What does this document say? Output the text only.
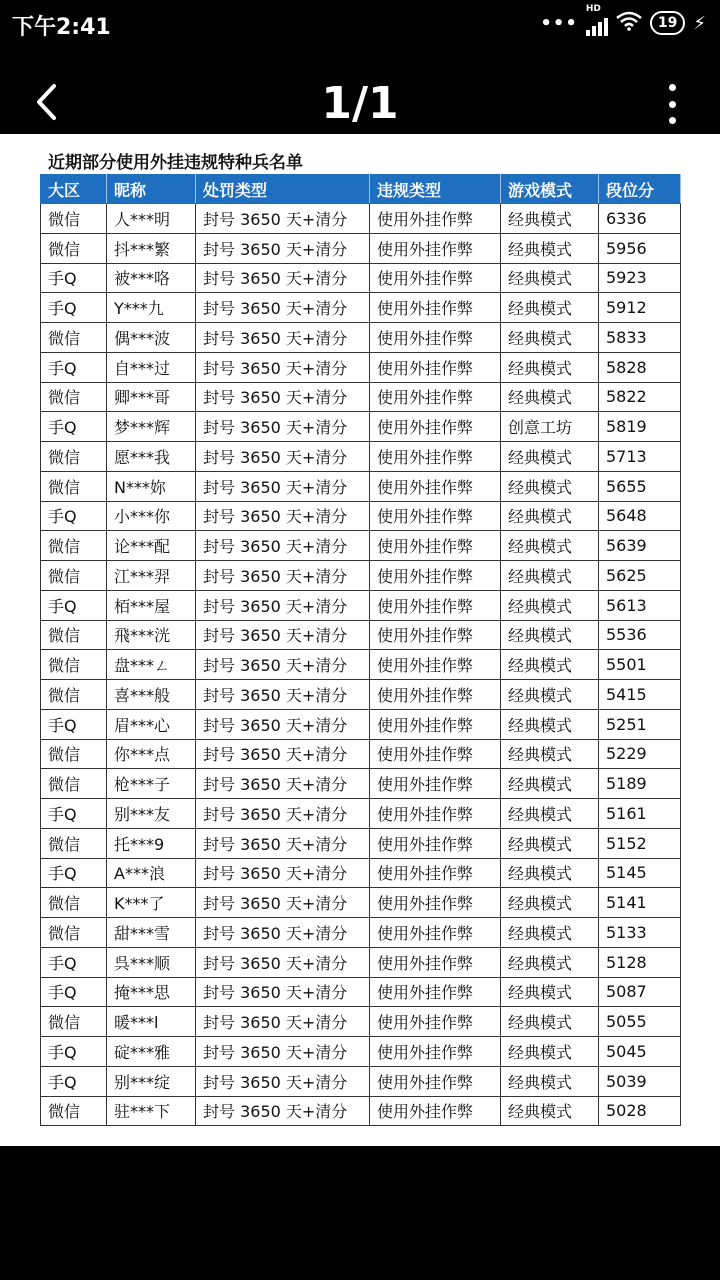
下午2:41	•••
HD
19 ⚡
1/1
近期部分使用外挂违规特种兵名单
大区	昵称	处罚类型	违规类型	游戏模式	段位分
微信	人***明	封号 3650 天+清分	使用外挂作弊	经典模式	6336
微信	抖***繁	封号 3650 天+清分	使用外挂作弊	经典模式	5956
手Q	被***咯	封号 3650 天+清分	使用外挂作弊	经典模式	5923
手Q	Y***九	封号 3650 天+清分	使用外挂作弊	经典模式	5912
微信	偶***波	封号 3650 天+清分	使用外挂作弊	经典模式	5833
手Q	自***过	封号 3650 天+清分	使用外挂作弊	经典模式	5828
微信	卿***哥	封号 3650 天+清分	使用外挂作弊	经典模式	5822
手Q	梦***辉	封号 3650 天+清分	使用外挂作弊	创意工坊	5819
微信	愿***我	封号 3650 天+清分	使用外挂作弊	经典模式	5713
微信	N***妳	封号 3650 天+清分	使用外挂作弊	经典模式	5655
手Q	小***你	封号 3650 天+清分	使用外挂作弊	经典模式	5648
微信	论***配	封号 3650 天+清分	使用外挂作弊	经典模式	5639
微信	江***羿	封号 3650 天+清分	使用外挂作弊	经典模式	5625
手Q	栢***屋	封号 3650 天+清分	使用外挂作弊	经典模式	5613
微信	飛***洸	封号 3650 天+清分	使用外挂作弊	经典模式	5536
微信	盘***ㄥ	封号 3650 天+清分	使用外挂作弊	经典模式	5501
微信	喜***般	封号 3650 天+清分	使用外挂作弊	经典模式	5415
手Q	眉***心	封号 3650 天+清分	使用外挂作弊	经典模式	5251
微信	你***点	封号 3650 天+清分	使用外挂作弊	经典模式	5229
微信	枪***子	封号 3650 天+清分	使用外挂作弊	经典模式	5189
手Q	别***友	封号 3650 天+清分	使用外挂作弊	经典模式	5161
微信	托***9	封号 3650 天+清分	使用外挂作弊	经典模式	5152
手Q	A***浪	封号 3650 天+清分	使用外挂作弊	经典模式	5145
微信	K***了	封号 3650 天+清分	使用外挂作弊	经典模式	5141
微信	甜***雪	封号 3650 天+清分	使用外挂作弊	经典模式	5133
手Q	呉***顺	封号 3650 天+清分	使用外挂作弊	经典模式	5128
手Q	掩***思	封号 3650 天+清分	使用外挂作弊	经典模式	5087
微信	暖***l	封号 3650 天+清分	使用外挂作弊	经典模式	5055
手Q	碇***雅	封号 3650 天+清分	使用外挂作弊	经典模式	5045
手Q	别***绽	封号 3650 天+清分	使用外挂作弊	经典模式	5039
微信	驻***下	封号 3650 天+清分	使用外挂作弊	经典模式	5028
